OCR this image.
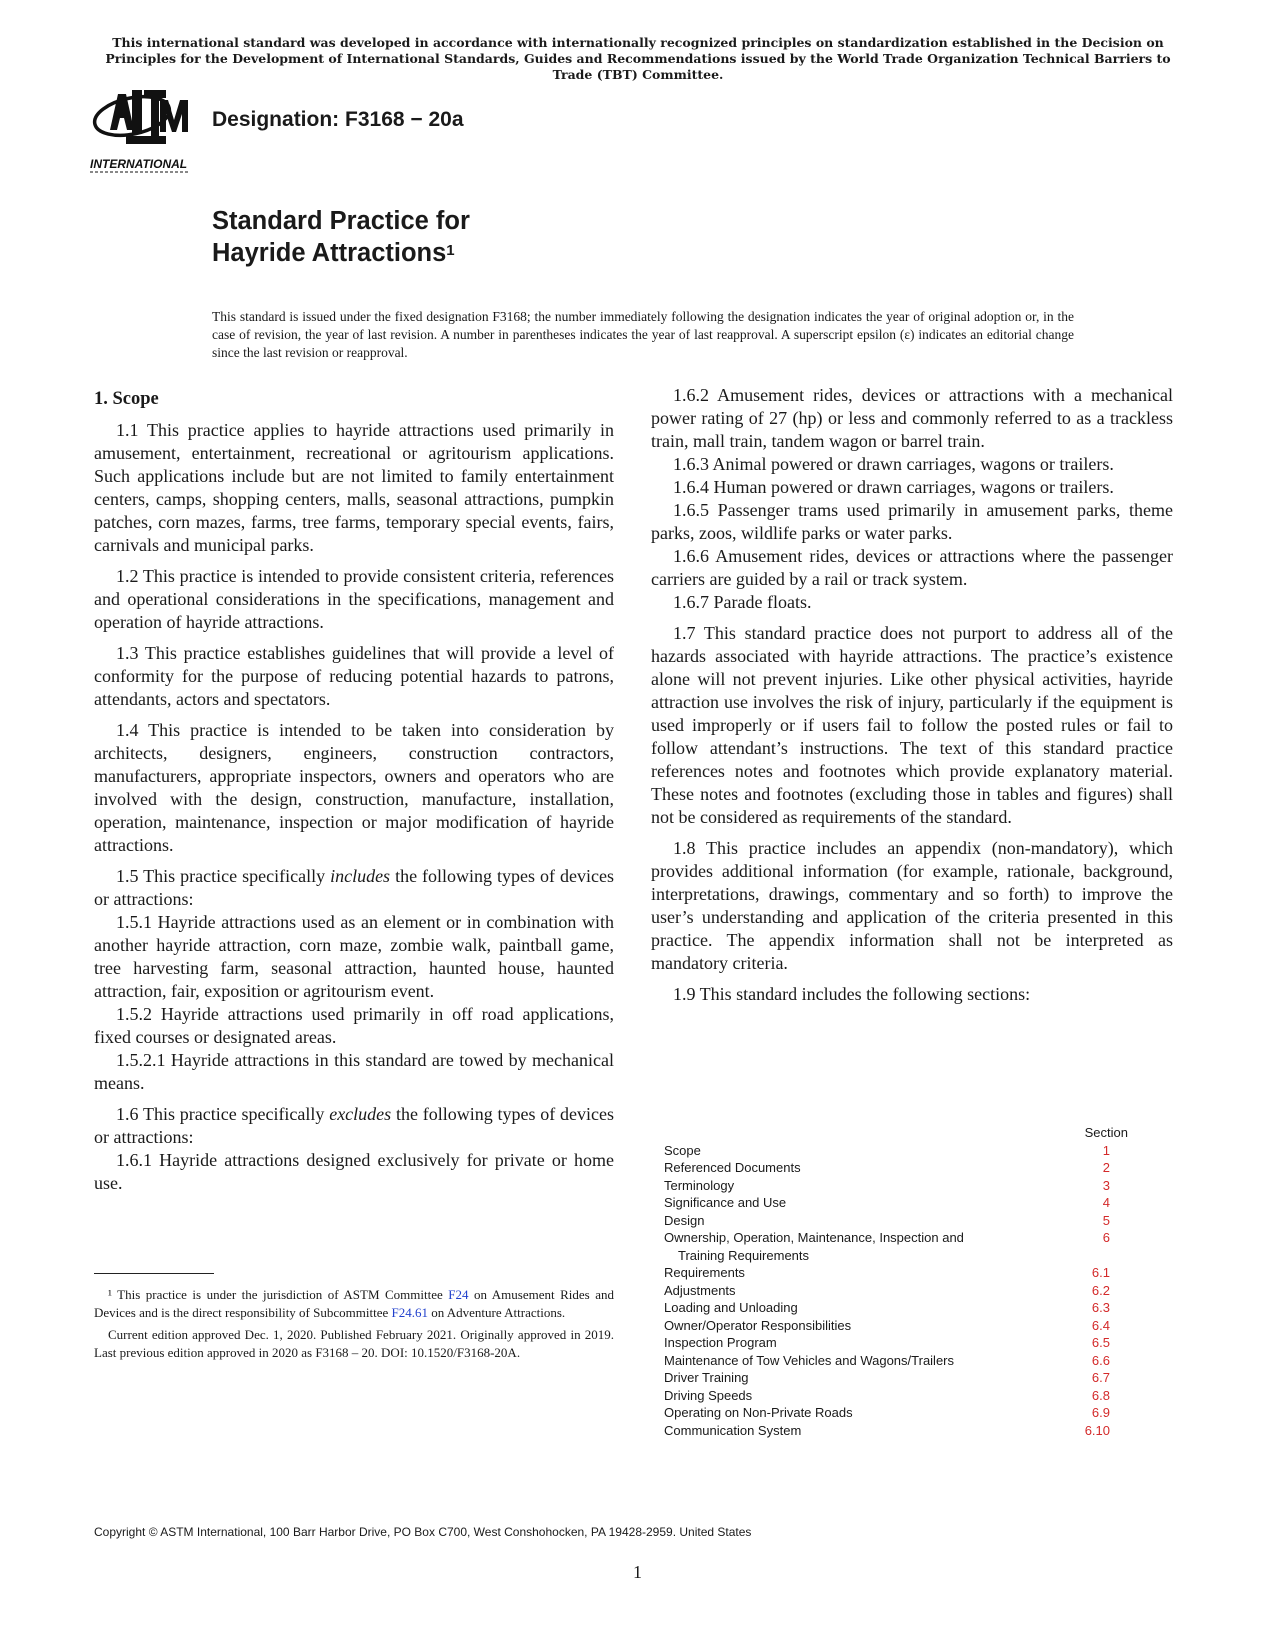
This international standard was developed in accordance with internationally recognized principles on standardization established in the Decision on Principles for the Development of International Standards, Guides and Recommendations issued by the World Trade Organization Technical Barriers to Trade (TBT) Committee.
INTERNATIONAL
Designation: F3168 − 20a
Standard Practice for
Hayride Attractions$^1$
This standard is issued under the fixed designation F3168; the number immediately following the designation indicates the year of original adoption or, in the case of revision, the year of last revision. A number in parentheses indicates the year of last reapproval. A superscript epsilon (ε) indicates an editorial change since the last revision or reapproval.
1. Scope

1.1 This practice applies to hayride attractions used primarily in amusement, entertainment, recreational or agritourism applications. Such applications include but are not limited to family entertainment centers, camps, shopping centers, malls, seasonal attractions, pumpkin patches, corn mazes, farms, tree farms, temporary special events, fairs, carnivals and municipal parks.

1.2 This practice is intended to provide consistent criteria, references and operational considerations in the specifications, management and operation of hayride attractions.

1.3 This practice establishes guidelines that will provide a level of conformity for the purpose of reducing potential hazards to patrons, attendants, actors and spectators.

1.4 This practice is intended to be taken into consideration by architects, designers, engineers, construction contractors, manufacturers, appropriate inspectors, owners and operators who are involved with the design, construction, manufacture, installation, operation, maintenance, inspection or major modification of hayride attractions.

1.5 This practice specifically includes the following types of devices or attractions:

1.5.1 Hayride attractions used as an element or in combination with another hayride attraction, corn maze, zombie walk, paintball game, tree harvesting farm, seasonal attraction, haunted house, haunted attraction, fair, exposition or agritourism event.

1.5.2 Hayride attractions used primarily in off road applications, fixed courses or designated areas.

1.5.2.1 Hayride attractions in this standard are towed by mechanical means.

1.6 This practice specifically excludes the following types of devices or attractions:

1.6.1 Hayride attractions designed exclusively for private or home use.

1.6.2 Amusement rides, devices or attractions with a mechanical power rating of 27 (hp) or less and commonly referred to as a trackless train, mall train, tandem wagon or barrel train.

1.6.3 Animal powered or drawn carriages, wagons or trailers.

1.6.4 Human powered or drawn carriages, wagons or trailers.

1.6.5 Passenger trams used primarily in amusement parks, theme parks, zoos, wildlife parks or water parks.

1.6.6 Amusement rides, devices or attractions where the passenger carriers are guided by a rail or track system.

1.6.7 Parade floats.

1.7 This standard practice does not purport to address all of the hazards associated with hayride attractions. The practice’s existence alone will not prevent injuries. Like other physical activities, hayride attraction use involves the risk of injury, particularly if the equipment is used improperly or if users fail to follow the posted rules or fail to follow attendant’s instructions. The text of this standard practice references notes and footnotes which provide explanatory material. These notes and footnotes (excluding those in tables and figures) shall not be considered as requirements of the standard.

1.8 This practice includes an appendix (non-mandatory), which provides additional information (for example, rationale, background, interpretations, drawings, commentary and so forth) to improve the user’s understanding and application of the criteria presented in this practice. The appendix information shall not be interpreted as mandatory criteria.

1.9 This standard includes the following sections:

Section
Scope	1
Referenced Documents	2
Terminology	3
Significance and Use	4
Design	5
Ownership, Operation, Maintenance, Inspection and	6
Training Requirements
Requirements	6.1
Adjustments	6.2
Loading and Unloading	6.3
Owner/Operator Responsibilities	6.4
Inspection Program	6.5
Maintenance of Tow Vehicles and Wagons/Trailers	6.6
Driver Training	6.7
Driving Speeds	6.8
Operating on Non-Private Roads	6.9
Communication System	6.10

¹ This practice is under the jurisdiction of ASTM Committee F24 on Amusement Rides and Devices and is the direct responsibility of Subcommittee F24.61 on Adventure Attractions.

Current edition approved Dec. 1, 2020. Published February 2021. Originally approved in 2019. Last previous edition approved in 2020 as F3168 – 20. DOI: 10.1520/F3168-20A.

Copyright © ASTM International, 100 Barr Harbor Drive, PO Box C700, West Conshohocken, PA 19428-2959. United States
1
